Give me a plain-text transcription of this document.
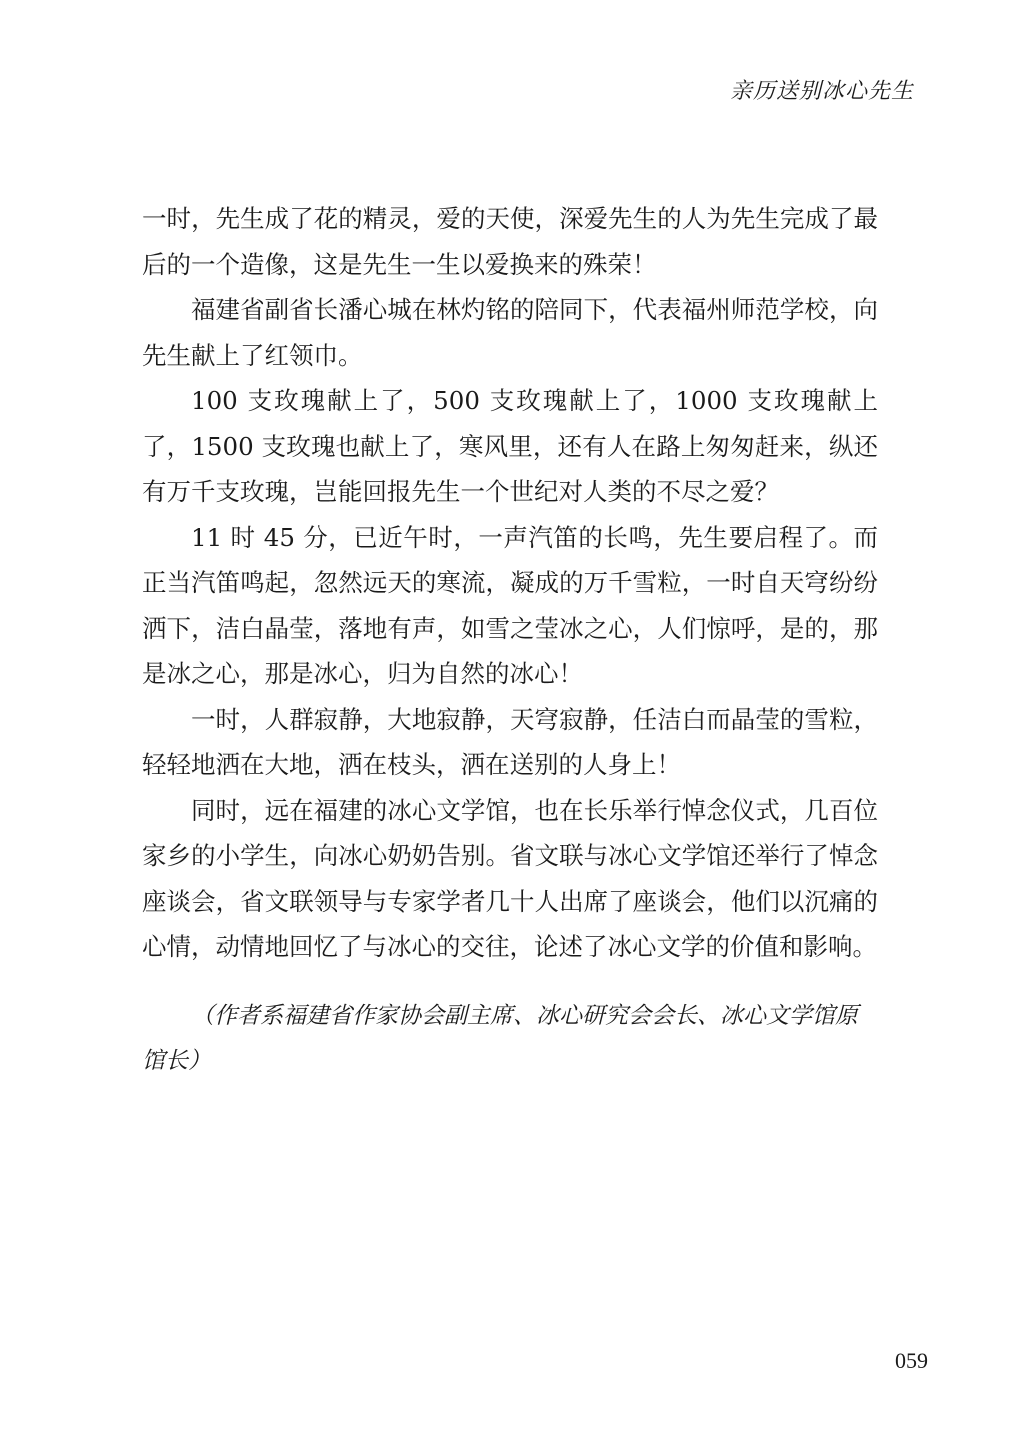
亲历送别冰心先生

一时，先生成了花的精灵，爱的天使，深爱先生的人为先生完成了最后的一个造像，这是先生一生以爱换来的殊荣！

福建省副省长潘心城在林灼铭的陪同下，代表福州师范学校，向先生献上了红领巾。

100 支玫瑰献上了，500 支玫瑰献上了，1000 支玫瑰献上了，1500 支玫瑰也献上了，寒风里，还有人在路上匆匆赶来，纵还有万千支玫瑰，岂能回报先生一个世纪对人类的不尽之爱？

11 时 45 分，已近午时，一声汽笛的长鸣，先生要启程了。而正当汽笛鸣起，忽然远天的寒流，凝成的万千雪粒，一时自天穹纷纷洒下，洁白晶莹，落地有声，如雪之莹冰之心，人们惊呼，是的，那是冰之心，那是冰心，归为自然的冰心！

一时，人群寂静，大地寂静，天穹寂静，任洁白而晶莹的雪粒，轻轻地洒在大地，洒在枝头，洒在送别的人身上！

同时，远在福建的冰心文学馆，也在长乐举行悼念仪式，几百位家乡的小学生，向冰心奶奶告别。省文联与冰心文学馆还举行了悼念座谈会，省文联领导与专家学者几十人出席了座谈会，他们以沉痛的心情，动情地回忆了与冰心的交往，论述了冰心文学的价值和影响。

（作者系福建省作家协会副主席、冰心研究会会长、冰心文学馆原馆长）
059
